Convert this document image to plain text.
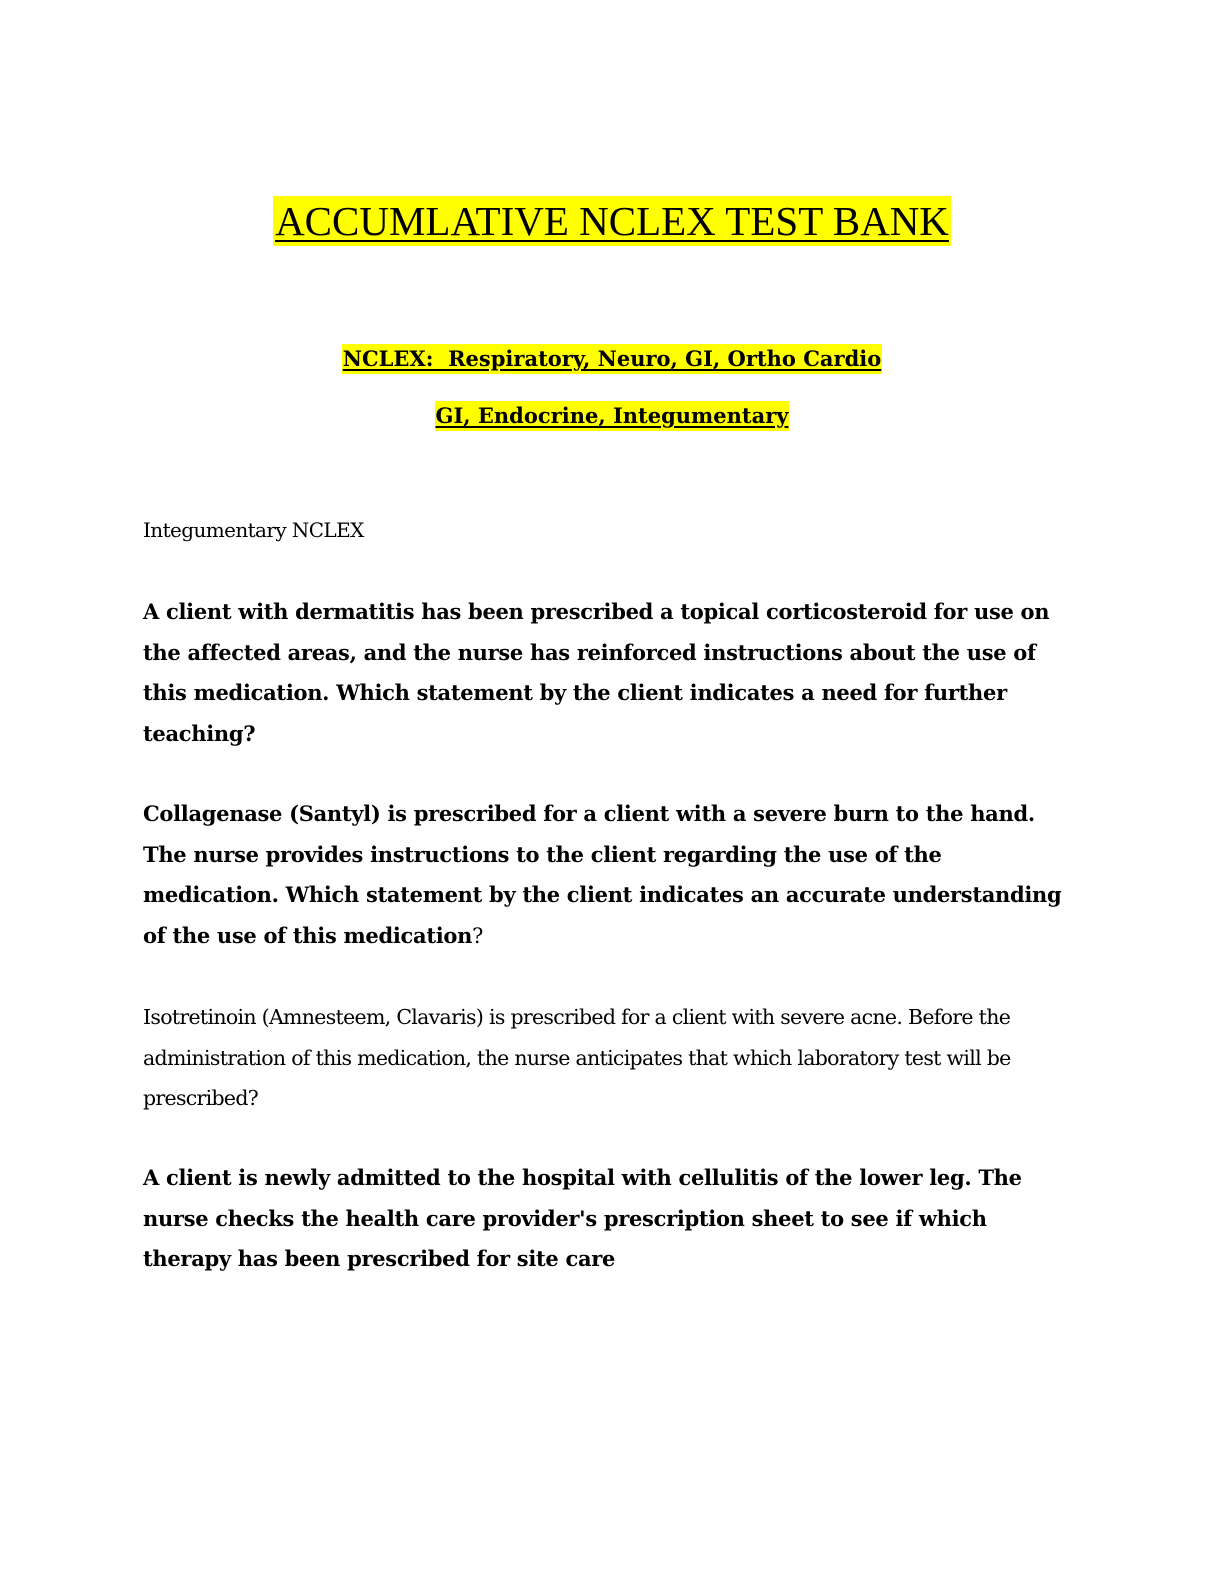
ACCUMLATIVE NCLEX TEST BANK
NCLEX:  Respiratory, Neuro, GI, Ortho Cardio
GI, Endocrine, Integumentary
Integumentary NCLEX

A client with dermatitis has been prescribed a topical corticosteroid for use on the affected areas, and the nurse has reinforced instructions about the use of this medication. Which statement by the client indicates a need for further teaching?

Collagenase (Santyl) is prescribed for a client with a severe burn to the hand. The nurse provides instructions to the client regarding the use of the medication. Which statement by the client indicates an accurate understanding of the use of this medication?

Isotretinoin (Amnesteem, Clavaris) is prescribed for a client with severe acne. Before the administration of this medication, the nurse anticipates that which laboratory test will be prescribed?

A client is newly admitted to the hospital with cellulitis of the lower leg. The nurse checks the health care provider's prescription sheet to see if which therapy has been prescribed for site care
